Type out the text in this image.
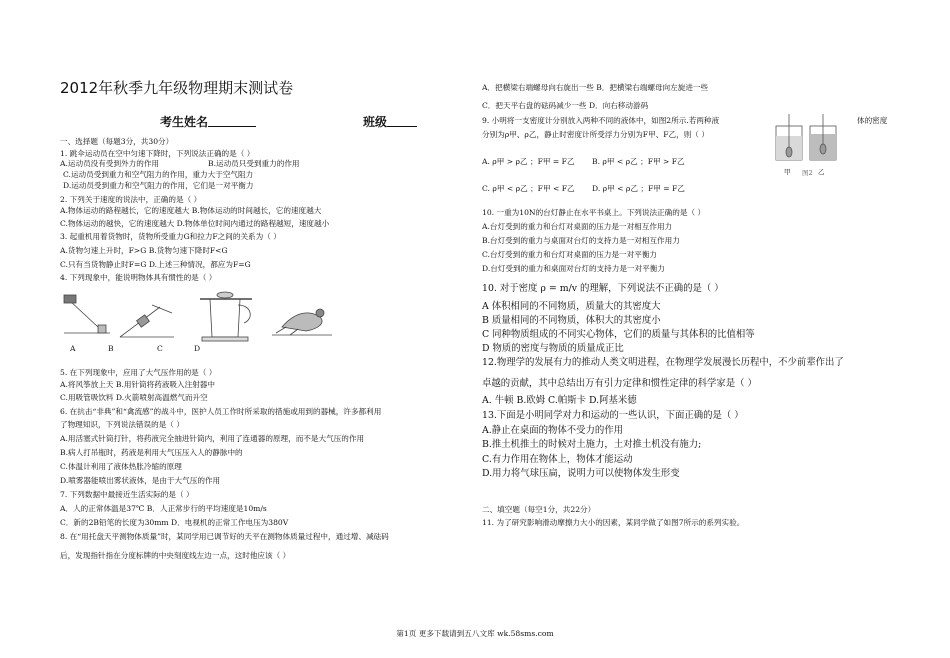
2012年秋季九年级物理期末测试卷
考生姓名	班级
一、选择题（每题3分，共30分）
1. 跳伞运动员在空中匀速下降时，下列说法正确的是（ ）
A.运动员没有受到外力的作用	B.运动员只受到重力的作用
C.运动员受到重力和空气阻力的作用，重力大于空气阻力
D.运动员受到重力和空气阻力的作用，它们是一对平衡力
2. 下列关于速度的说法中，正确的是（ ）
A.物体运动的路程越长，它的速度越大 B.物体运动的时间越长，它的速度越大
C.物体运动的越快，它的速度越大 D.物体单位时间内通过的路程越短，速度越小
3. 起重机用着货物时，货物所受重力G和拉力F之间的关系为（ ）
A.货物匀速上升时，F>G B.货物匀速下降时F<G
C.只有当货物静止时F=G D.上述三种情况，都应为F=G
4. 下列现象中，能说明物体具有惯性的是（ ）
A	B	C	D
5. 在下列现象中，应用了大气压作用的是（ ）
A.将风筝放上天 B.用针筒将药液吸入注射器中
C.用吸管吸饮料 D.火箭喷射高温燃气而升空
6. 在抗击“非典”和“禽流感”的战斗中，医护人员工作时所采取的措施或用到的器械，许多都利用
了物理知识，下列说法错误的是（ ）
A.用活塞式针筒打针，将药液完全抽进针筒内，利用了连通器的原理，而不是大气压的作用
B.病人打吊瓶时，药液是利用大气压压入人的静脉中的
C.体温计利用了液体热胀冷缩的原理
D.喷雾器能喷出雾状液体，是由于大气压的作用
7. 下列数据中最接近生活实际的是（ ）
A．人的正常体温是37℃ B．人正常步行的平均速度是10m/s
C．新的2B铅笔的长度为30mm D．电视机的正常工作电压为380V
8. 在“用托盘天平测物体质量”时，某同学用已调节好的天平在测物体质量过程中，通过增、减砝码
后，发现指针指在分度标牌的中央刻度线左边一点，这时他应该（ ）
A．把横梁右端螺母向右旋出一些 B．把横梁右端螺母向左旋进一些
C．把天平右盘的砝码减少一些 D．向右移动游码
9. 小明将一支密度计分别放入两种不同的液体中，如图2所示.若两种液	体的密度
分别为ρ甲、ρ乙，静止时密度计所受浮力分别为F甲、F乙，则（ ）
A. ρ甲 > ρ乙 ；F甲 = F乙 B. ρ甲 < ρ乙 ；F甲 > F乙
C. ρ甲 < ρ乙 ；F甲 < F乙 D. ρ甲 < ρ乙 ；F甲 = F乙
甲	乙
图2
10. 一重为10N的台灯静止在水平书桌上。下列说法正确的是（ ）
A.台灯受到的重力和台灯对桌面的压力是一对相互作用力
B.台灯受到的重力与桌面对台灯的支持力是一对相互作用力
C.台灯受到的重力和台灯对桌面的压力是一对平衡力
D.台灯受到的重力和桌面对台灯的支持力是一对平衡力
10. 对于密度 ρ = m/v 的理解，下列说法不正确的是（ ）
A 体积相同的不同物质，质量大的其密度大
B 质量相同的不同物质，体积大的其密度小
C 同种物质组成的不同实心物体，它们的质量与其体积的比值相等
D 物质的密度与物质的质量成正比
12.物理学的发展有力的推动人类文明进程，在物理学发展漫长历程中，不少前辈作出了
卓越的贡献，其中总结出万有引力定律和惯性定律的科学家是（ ）
A. 牛顿 B.欧姆 C.帕斯卡 D.阿基米德
13.下面是小明同学对力和运动的一些认识，下面正确的是（ ）
A.静止在桌面的物体不受力的作用
B.推土机推土的时候对土施力，土对推土机没有施力;
C.有力作用在物体上，物体才能运动
D.用力将气球压扁，说明力可以使物体发生形变
二、填空题（每空1分，共22分）
11. 为了研究影响滑动摩擦力大小的因素，某同学做了如图7所示的系列实验。
第1页 更多下载请到五八文库 wk.58sms.com
